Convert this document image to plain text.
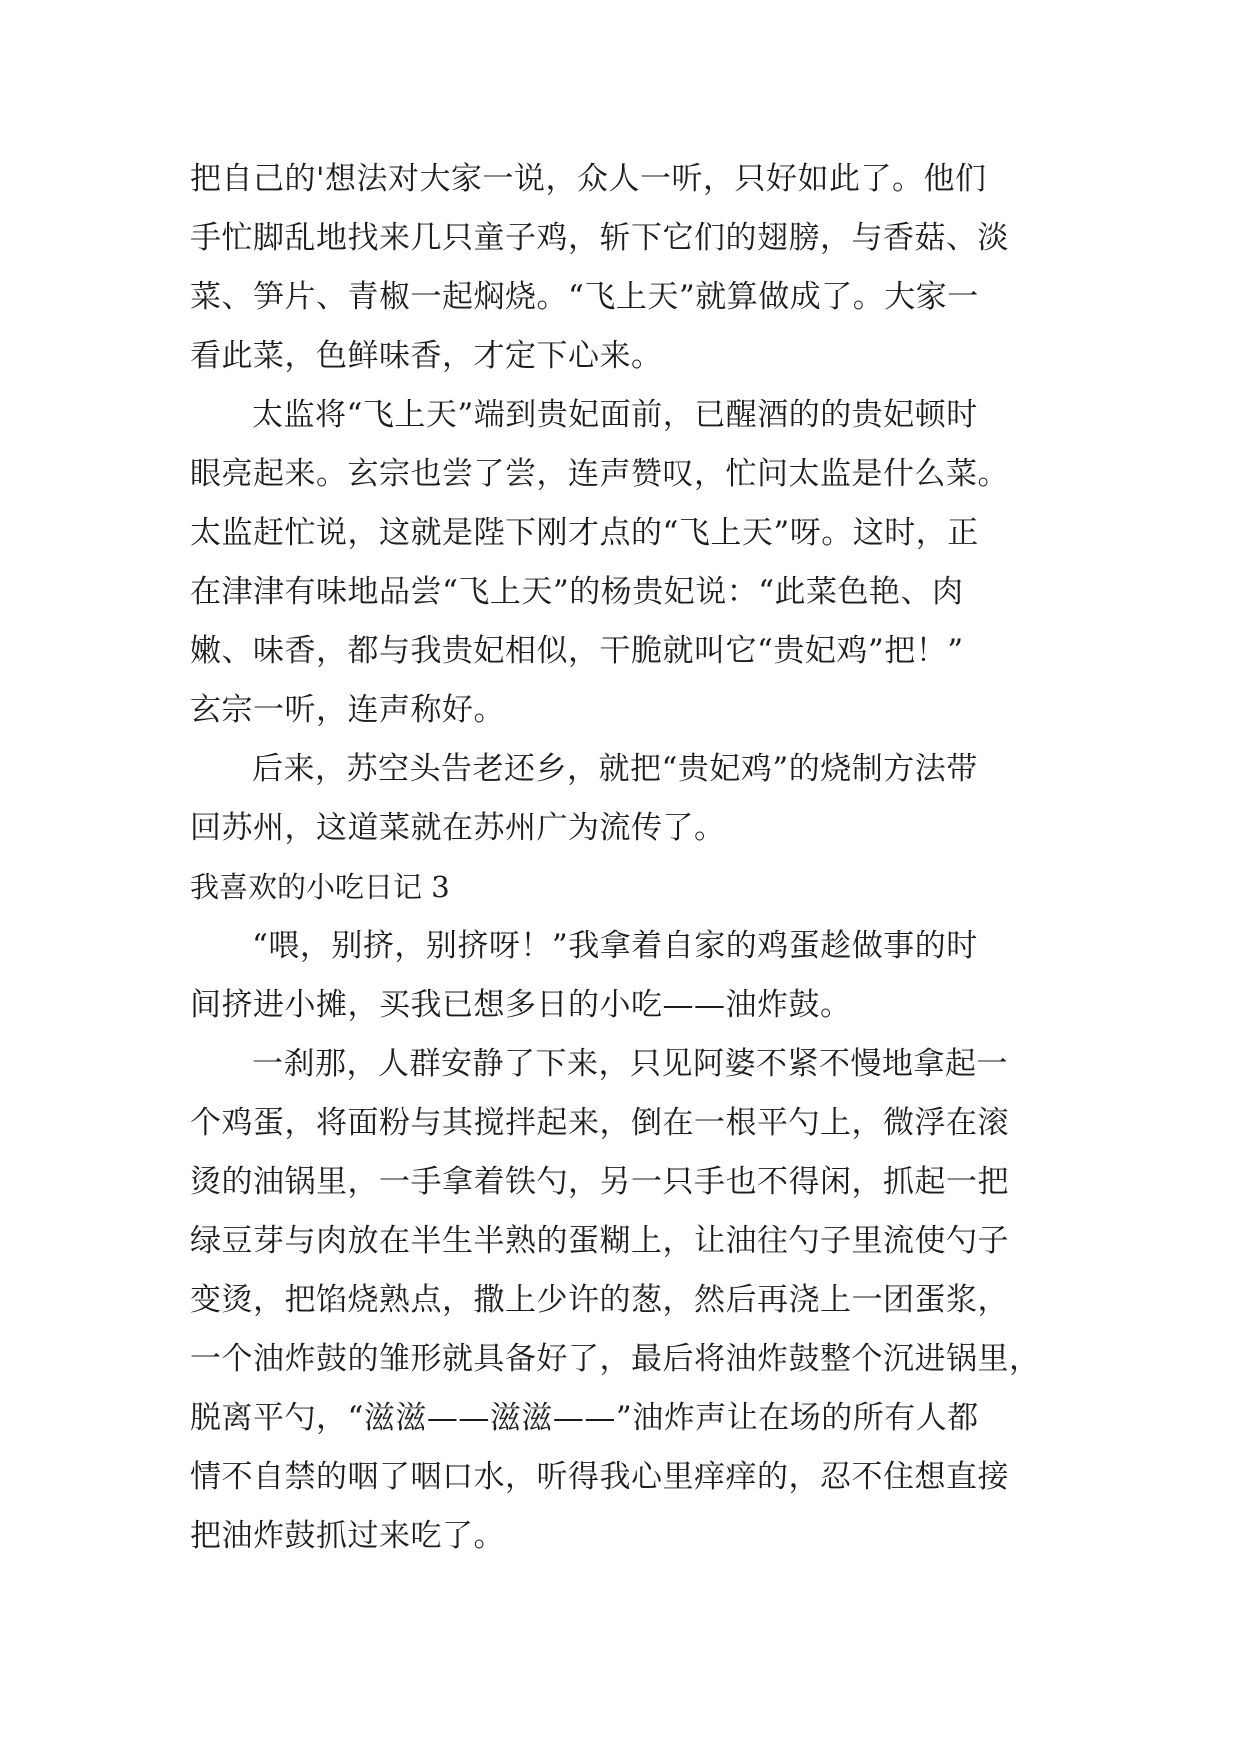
把自己的'想法对大家一说，众人一听，只好如此了。他们
手忙脚乱地找来几只童子鸡，斩下它们的翅膀，与香菇、淡
菜、笋片、青椒一起焖烧。“飞上天”就算做成了。大家一
看此菜，色鲜味香，才定下心来。
太监将“飞上天”端到贵妃面前，已醒酒的的贵妃顿时
眼亮起来。玄宗也尝了尝，连声赞叹，忙问太监是什么菜。
太监赶忙说，这就是陛下刚才点的“飞上天”呀。这时，正
在津津有味地品尝“飞上天”的杨贵妃说：“此菜色艳、肉
嫩、味香，都与我贵妃相似，干脆就叫它“贵妃鸡”把！”
玄宗一听，连声称好。
后来，苏空头告老还乡，就把“贵妃鸡”的烧制方法带
回苏州，这道菜就在苏州广为流传了。
我喜欢的小吃日记 3
“喂，别挤，别挤呀！”我拿着自家的鸡蛋趁做事的时
间挤进小摊，买我已想多日的小吃——油炸鼓。
一刹那，人群安静了下来，只见阿婆不紧不慢地拿起一
个鸡蛋，将面粉与其搅拌起来，倒在一根平勺上，微浮在滚
烫的油锅里，一手拿着铁勺，另一只手也不得闲，抓起一把
绿豆芽与肉放在半生半熟的蛋糊上，让油往勺子里流使勺子
变烫，把馅烧熟点，撒上少许的葱，然后再浇上一团蛋浆，
一个油炸鼓的雏形就具备好了，最后将油炸鼓整个沉进锅里，
脱离平勺，“滋滋——滋滋——”油炸声让在场的所有人都
情不自禁的咽了咽口水，听得我心里痒痒的，忍不住想直接
把油炸鼓抓过来吃了。
